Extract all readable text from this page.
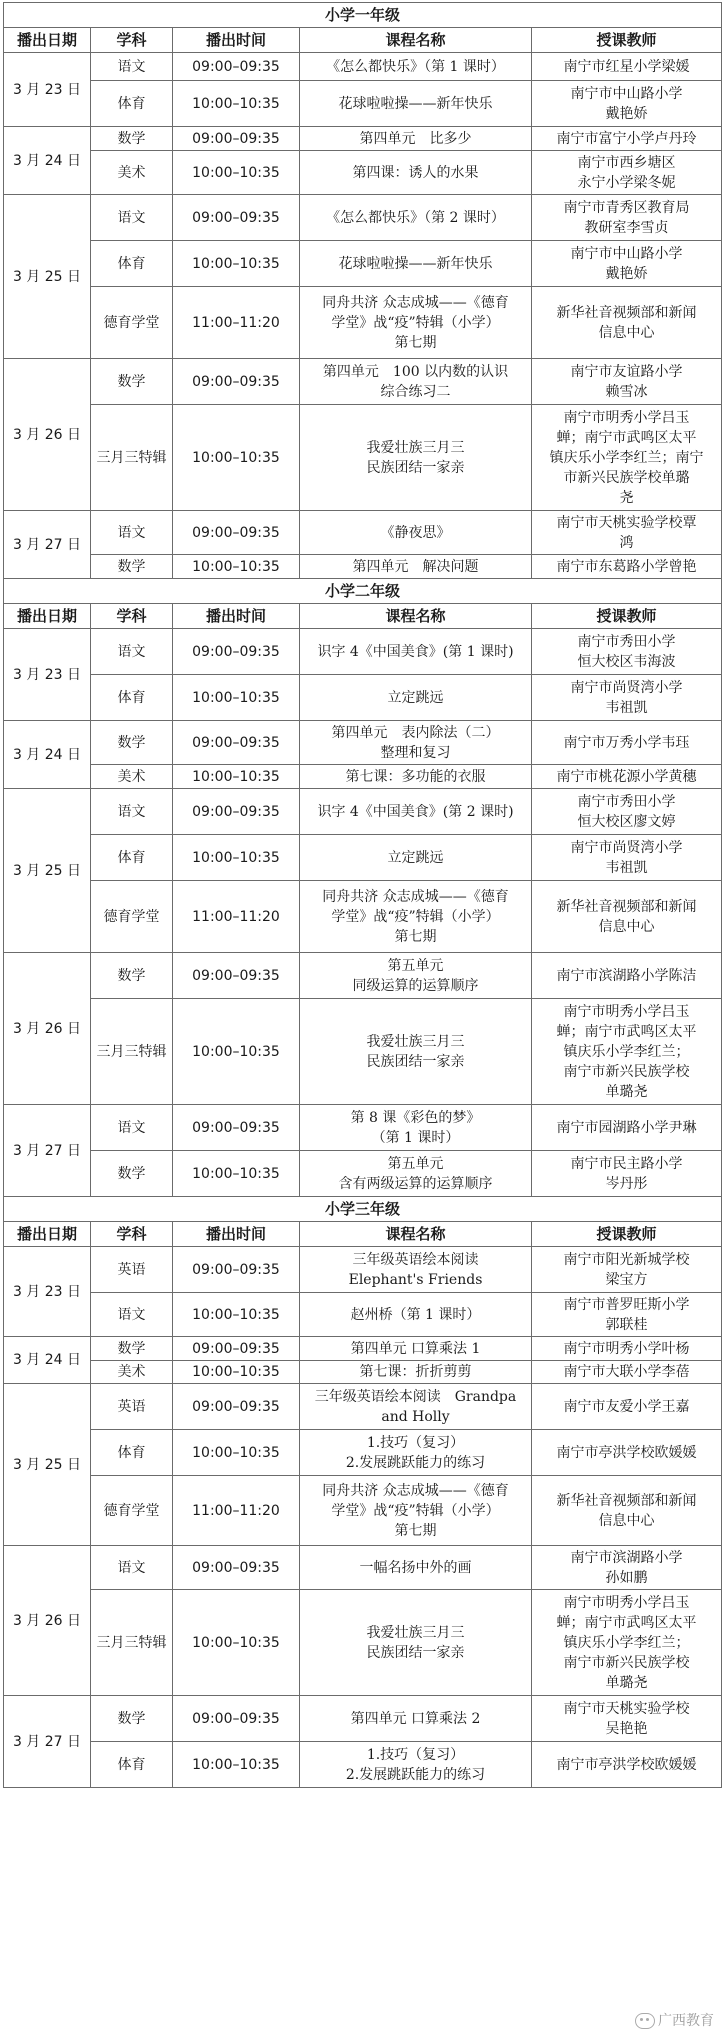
小学一年级				
播出日期	学科	播出时间	课程名称	授课教师
3 月 23 日	语文	09:00–09:35	《怎么都快乐》（第 1 课时）	南宁市红星小学梁媛

	体育	10:00–10:35	花球啦啦操——新年快乐	南宁市中山路小学
戴艳娇

3 月 24 日	数学	09:00–09:35	第四单元　比多少	南宁市富宁小学卢丹玲

	美术	10:00–10:35	第四课：诱人的水果	南宁市西乡塘区
永宁小学梁冬妮

3 月 25 日	语文	09:00–09:35	《怎么都快乐》（第 2 课时）	南宁市青秀区教育局
教研室李雪贞

	体育	10:00–10:35	花球啦啦操——新年快乐	南宁市中山路小学
戴艳娇

	德育学堂	11:00–11:20	同舟共济 众志成城——《德育
学堂》战“疫”特辑（小学）
第七期	新华社音视频部和新闻
信息中心

3 月 26 日	数学	09:00–09:35	第四单元　100 以内数的认识
综合练习二	南宁市友谊路小学
赖雪冰

	三月三特辑	10:00–10:35	我爱壮族三月三
民族团结一家亲	南宁市明秀小学吕玉
蝉；南宁市武鸣区太平
镇庆乐小学李红兰；南宁
市新兴民族学校单璐
尧

3 月 27 日	语文	09:00–09:35	《静夜思》	南宁市天桃实验学校覃
鸿

	数学	10:00–10:35	第四单元　解决问题	南宁市东葛路小学曾艳

小学二年级				
播出日期	学科	播出时间	课程名称	授课教师
3 月 23 日	语文	09:00–09:35	识字 4《中国美食》(第 1 课时)	南宁市秀田小学
恒大校区韦海波

	体育	10:00–10:35	立定跳远	南宁市尚贤湾小学
韦祖凯

3 月 24 日	数学	09:00–09:35	第四单元　表内除法（二）
整理和复习	南宁市万秀小学韦珏

	美术	10:00–10:35	第七课：多功能的衣服	南宁市桃花源小学黄穗

3 月 25 日	语文	09:00–09:35	识字 4《中国美食》(第 2 课时)	南宁市秀田小学
恒大校区廖文婷

	体育	10:00–10:35	立定跳远	南宁市尚贤湾小学
韦祖凯

	德育学堂	11:00–11:20	同舟共济 众志成城——《德育
学堂》战“疫”特辑（小学）
第七期	新华社音视频部和新闻
信息中心

3 月 26 日	数学	09:00–09:35	第五单元
同级运算的运算顺序	南宁市滨湖路小学陈洁

	三月三特辑	10:00–10:35	我爱壮族三月三
民族团结一家亲	南宁市明秀小学吕玉
蝉；南宁市武鸣区太平
镇庆乐小学李红兰；
南宁市新兴民族学校
单璐尧

3 月 27 日	语文	09:00–09:35	第 8 课《彩色的梦》
（第 1 课时）	南宁市园湖路小学尹琳

	数学	10:00–10:35	第五单元
含有两级运算的运算顺序	南宁市民主路小学
岑丹彤

小学三年级				
播出日期	学科	播出时间	课程名称	授课教师
3 月 23 日	英语	09:00–09:35	三年级英语绘本阅读
Elephant's Friends	南宁市阳光新城学校
梁宝方

	语文	10:00–10:35	赵州桥（第 1 课时）	南宁市普罗旺斯小学
郭联桂

3 月 24 日	数学	09:00–09:35	第四单元 口算乘法 1	南宁市明秀小学叶杨

	美术	10:00–10:35	第七课：折折剪剪	南宁市大联小学李蓓

3 月 25 日	英语	09:00–09:35	三年级英语绘本阅读　Grandpa
and Holly	南宁市友爱小学王嘉

	体育	10:00–10:35	1.技巧（复习）
2.发展跳跃能力的练习	南宁市亭洪学校欧媛媛

	德育学堂	11:00–11:20	同舟共济 众志成城——《德育
学堂》战“疫”特辑（小学）
第七期	新华社音视频部和新闻
信息中心

3 月 26 日	语文	09:00–09:35	一幅名扬中外的画	南宁市滨湖路小学
孙如鹏

	三月三特辑	10:00–10:35	我爱壮族三月三
民族团结一家亲	南宁市明秀小学吕玉
蝉；南宁市武鸣区太平
镇庆乐小学李红兰；
南宁市新兴民族学校
单璐尧

3 月 27 日	数学	09:00–09:35	第四单元 口算乘法 2	南宁市天桃实验学校
吴艳艳

	体育	10:00–10:35	1.技巧（复习）
2.发展跳跃能力的练习	南宁市亭洪学校欧媛媛
广西教育
